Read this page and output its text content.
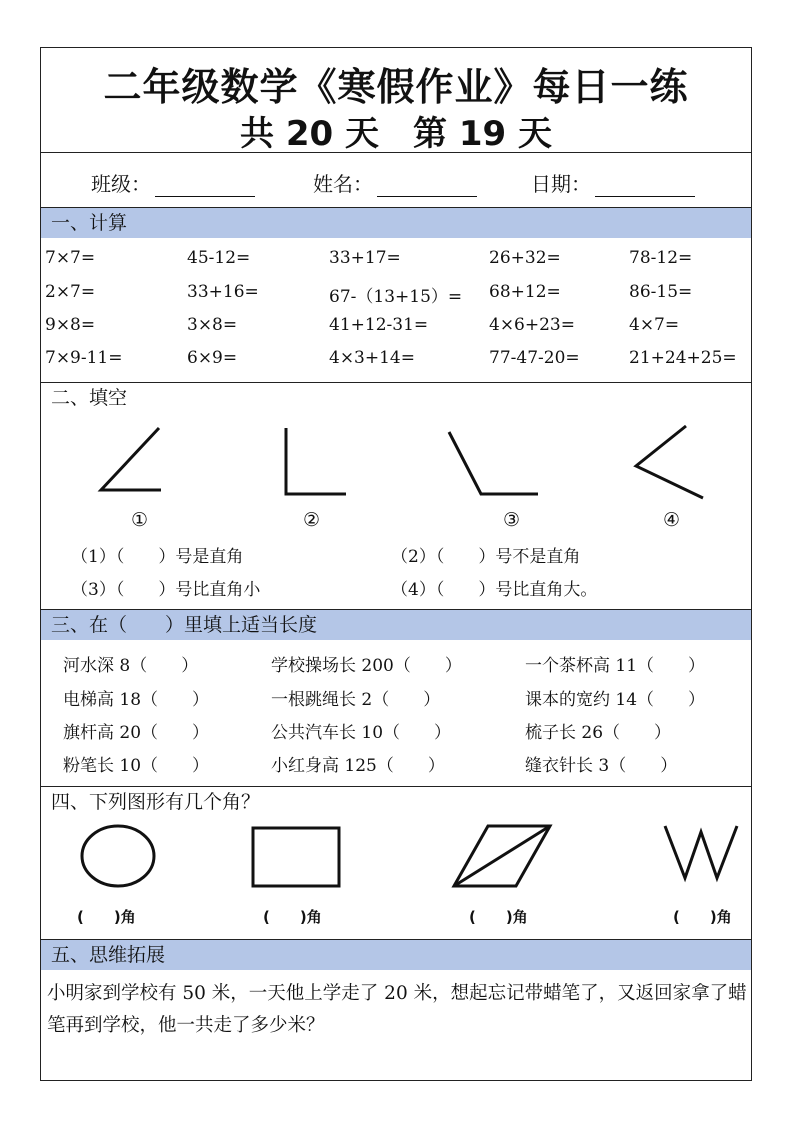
二年级数学《寒假作业》每日一练
共 20 天　第 19 天
班级：	姓名：	日期：
一、计算
7×7=	45-12=	33+17=	26+32=	78-12=
2×7=	33+16=	67-（13+15）= 68+12=	86-15=
9×8=	3×8=	41+12-31=	4×6+23=	4×7=
7×9-11=	6×9=	4×3+14=	77-47-20=	21+24+25=
二、填空
①	②	③	④
（1）（　　）号是直角	（2）（　　）号不是直角
（3）（　　）号比直角小	（4）（　　）号比直角大。
三、在（　　）里填上适当长度
河水深 8（　　）	学校操场长 200（　　）	一个茶杯高 11（　　）
电梯高 18（　　）	一根跳绳长 2（　　）	课本的宽约 14（　　）
旗杆高 20（　　）	公共汽车长 10（　　）	梳子长 26（　　）
粉笔长 10（　　）	小红身高 125（　　）	缝衣针长 3（　　）
四、下列图形有几个角？
(　　)角	(　　)角	(　　)角	(　　)角
五、思维拓展
小明家到学校有 50 米，一天他上学走了 20 米，想起忘记带蜡笔了，又返回家拿了蜡笔再到学校，他一共走了多少米？
